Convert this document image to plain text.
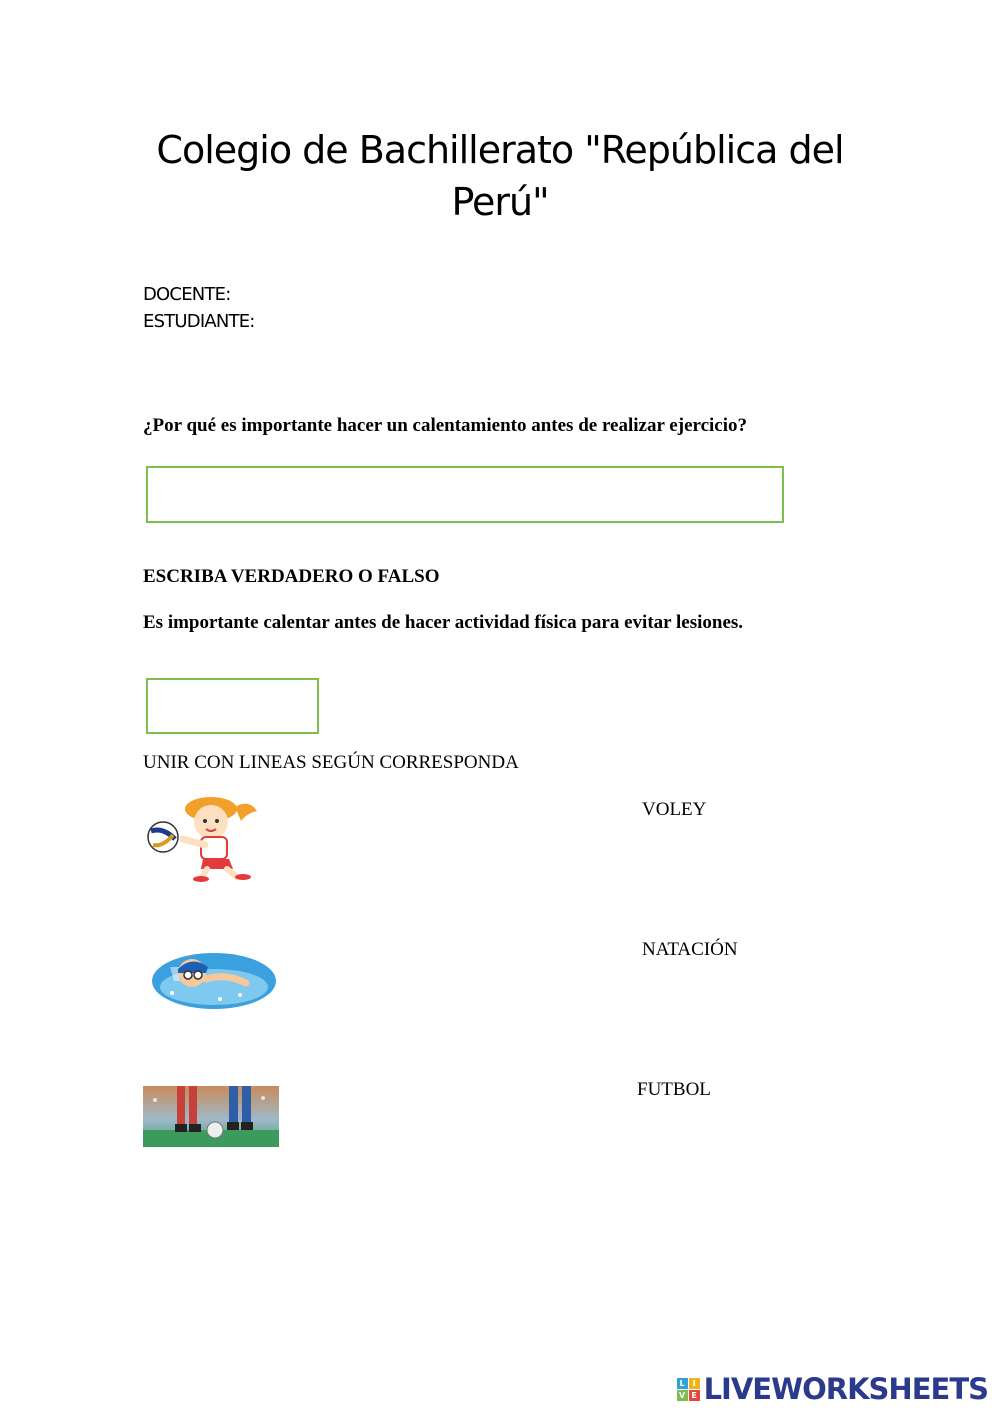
Colegio de Bachillerato "República del Perú"
DOCENTE:
ESTUDIANTE:
¿Por qué es importante hacer un calentamiento antes de realizar ejercicio?
ESCRIBA VERDADERO O FALSO
Es importante calentar antes de hacer actividad física para evitar lesiones.
UNIR CON LINEAS SEGÚN CORRESPONDA
VOLEY
NATACIÓN
FUTBOL
L I
V E LIVEWORKSHEETS
